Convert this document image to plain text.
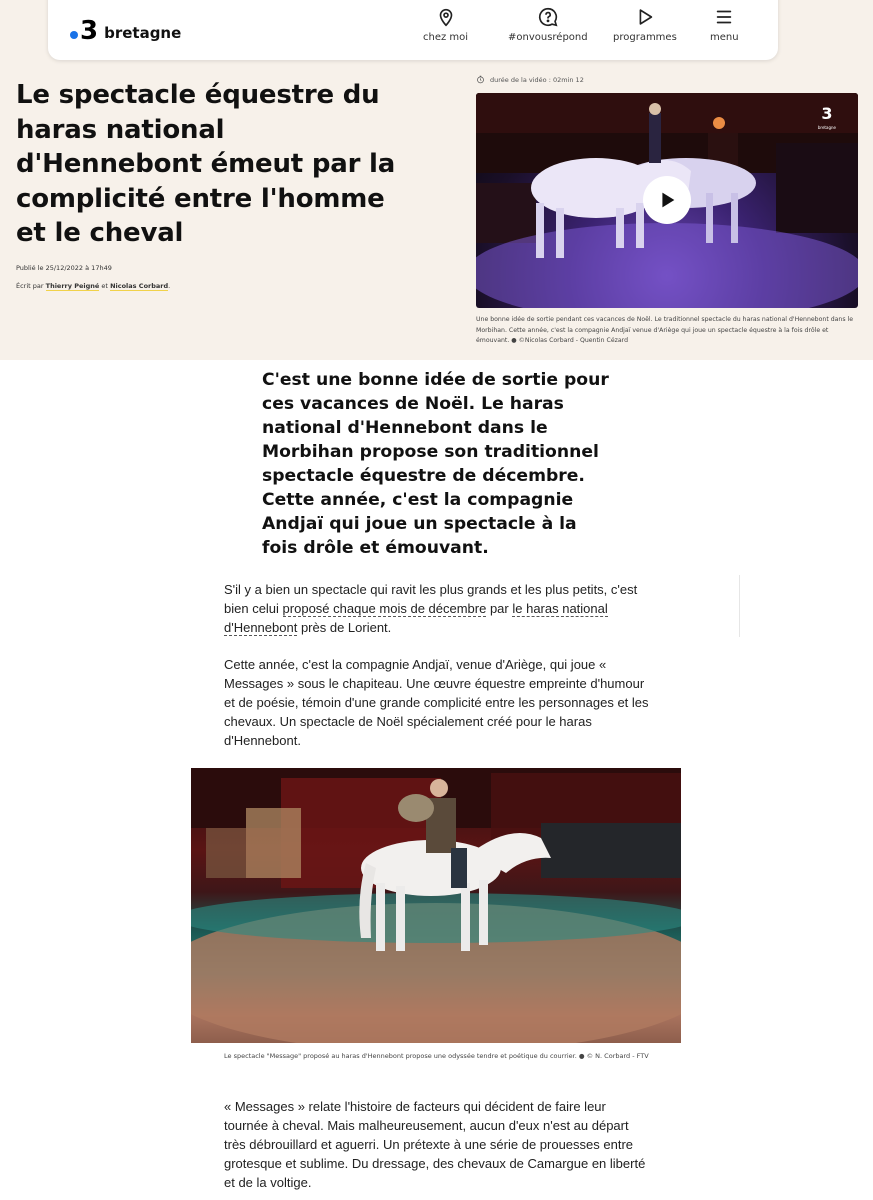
3 bretagne	chez moi	#onvousrépond	programmes	menu
Le spectacle équestre du haras national d'Hennebont émeut par la complicité entre l'homme et le cheval
Publié le 25/12/2022 à 17h49
Écrit par Thierry Peigné et Nicolas Corbard.
durée de la vidéo : 02min 12
3
bretagne
Une bonne idée de sortie pendant ces vacances de Noël. Le traditionnel spectacle du haras national d'Hennebont dans le Morbihan. Cette année, c'est la compagnie Andjaï venue d'Ariège qui joue un spectacle équestre à la fois drôle et émouvant. ● ©Nicolas Corbard - Quentin Cézard

C'est une bonne idée de sortie pour ces vacances de Noël. Le haras national d'Hennebont dans le Morbihan propose son traditionnel spectacle équestre de décembre. Cette année, c'est la compagnie Andjaï qui joue un spectacle à la fois drôle et émouvant.

S'il y a bien un spectacle qui ravit les plus grands et les plus petits, c'est bien celui proposé chaque mois de décembre par le haras national d'Hennebont près de Lorient.

Cette année, c'est la compagnie Andjaï, venue d'Ariège, qui joue « Messages » sous le chapiteau. Une œuvre équestre empreinte d'humour et de poésie, témoin d'une grande complicité entre les personnages et les chevaux. Un spectacle de Noël spécialement créé pour le haras d'Hennebont.

Le spectacle "Message" proposé au haras d'Hennebont propose une odyssée tendre et poétique du courrier. ● © N. Corbard - FTV

« Messages » relate l'histoire de facteurs qui décident de faire leur tournée à cheval. Mais malheureusement, aucun d'eux n'est au départ très débrouillard et aguerri. Un prétexte à une série de prouesses entre grotesque et sublime. Du dressage, des chevaux de Camargue en liberté et de la voltige.
